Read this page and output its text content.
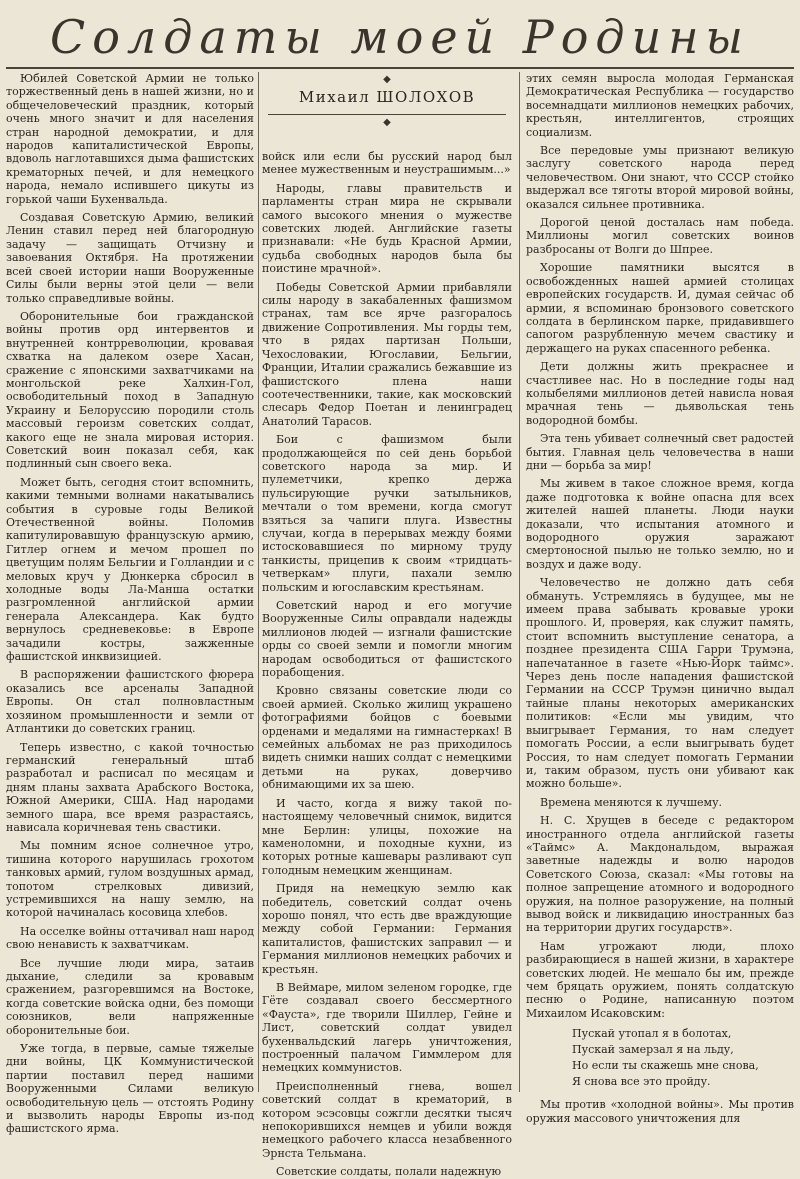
Солдаты моей Родины

Юбилей Советской Армии не только торжественный день в нашей жизни, но и общечеловеческий праздник, который очень много значит и для населения стран народной демократии, и для народов капиталистической Европы, вдоволь наглотавшихся дыма фашистских крематорных печей, и для немецкого народа, немало испившего цикуты из горькой чаши Бухенвальда.

Создавая Советскую Армию, великий Ленин ставил перед ней благородную задачу — защищать Отчизну и завоевания Октября. На протяжении всей своей истории наши Вооруженные Силы были верны этой цели — вели только справедливые войны.

Оборонительные бои гражданской войны против орд интервентов и внутренней контрреволюции, кровавая схватка на далеком озере Хасан, сражение с японскими захватчиками на монгольской реке Халхин-Гол, освободительный поход в Западную Украину и Белоруссию породили столь массовый героизм советских солдат, какого еще не знала мировая история. Советский воин показал себя, как подлинный сын своего века.

Может быть, сегодня стоит вспомнить, какими темными волнами накатывались события в суровые годы Великой Отечественной войны. Поломив капитулировавшую французскую армию, Гитлер огнем и мечом прошел по цветущим полям Бельгии и Голландии и с меловых круч у Дюнкерка сбросил в холодные воды Ла-Манша остатки разгромленной английской армии генерала Александера. Как будто вернулось средневековье: в Европе зачадили костры, зажженные фашистской инквизицией.

В распоряжении фашистского фюрера оказались все арсеналы Западной Европы. Он стал полновластным хозяином промышленности и земли от Атлантики до советских границ.

Теперь известно, с какой точностью германский генеральный штаб разработал и расписал по месяцам и дням планы захвата Арабского Востока, Южной Америки, США. Над народами земного шара, все время разрастаясь, нависала коричневая тень свастики.

Мы помним ясное солнечное утро, тишина которого нарушилась грохотом танковых армий, гулом воздушных армад, топотом стрелковых дивизий, устремившихся на нашу землю, на которой начиналась косовица хлебов.

На осселке войны оттачивал наш народ свою ненависть к захватчикам.

Все лучшие люди мира, затаив дыхание, следили за кровавым сражением, разгоревшимся на Востоке, когда советские войска одни, без помощи союзников, вели напряженные оборонительные бои.

Уже тогда, в первые, самые тяжелые дни войны, ЦК Коммунистической партии поставил перед нашими Вооруженными Силами великую освободительную цель — отстоять Родину и вызволить народы Европы из-под фашистского ярма.

◆
Михаил ШОЛОХОВ
◆

войск или если бы русский народ был менее мужественным и неустрашимым...»

Народы, главы правительств и парламенты стран мира не скрывали самого высокого мнения о мужестве советских людей. Английские газеты признавали: «Не будь Красной Армии, судьба свободных народов была бы поистине мрачной».

Победы Советской Армии прибавляли силы народу в закабаленных фашизмом странах, там все ярче разгоралось движение Сопротивления. Мы горды тем, что в рядах партизан Польши, Чехословакии, Югославии, Бельгии, Франции, Италии сражались бежавшие из фашистского плена наши соотечественники, такие, как московский слесарь Федор Поетан и ленинградец Анатолий Тарасов.

Бои с фашизмом были продолжающейся по сей день борьбой советского народа за мир. И пулеметчики, крепко держа пульсирующие ручки затыльников, мечтали о том времени, когда смогут взяться за чапиги плуга. Известны случаи, когда в перерывах между боями истосковавшиеся по мирному труду танкисты, прицепив к своим «тридцать-четверкам» плуги, пахали землю польским и югославским крестьянам.

Советский народ и его могучие Вооруженные Силы оправдали надежды миллионов людей — изгнали фашистские орды со своей земли и помогли многим народам освободиться от фашистского порабощения.

Кровно связаны советские люди со своей армией. Сколько жилищ украшено фотографиями бойцов с боевыми орденами и медалями на гимнастерках! В семейных альбомах не раз приходилось видеть снимки наших солдат с немецкими детьми на руках, доверчиво обнимающими их за шею.

И часто, когда я вижу такой по-настоящему человечный снимок, видится мне Берлин: улицы, похожие на каменоломни, и походные кухни, из которых ротные кашевары разливают суп голодным немецким женщинам.

Придя на немецкую землю как победитель, советский солдат очень хорошо понял, что есть две враждующие между собой Германии: Германия капиталистов, фашистских заправил — и Германия миллионов немецких рабочих и крестьян.

В Веймаре, милом зеленом городке, где Гёте создавал своего бессмертного «Фауста», где творили Шиллер, Гейне и Лист, советский солдат увидел бухенвальдский лагерь уничтожения, построенный палачом Гиммлером для немецких коммунистов.

Преисполненный гнева, вошел советский солдат в крематорий, в котором эсэсовцы сожгли десятки тысяч непокорившихся немцев и убили вождя немецкого рабочего класса незабвенного Эрнста Тельмана.

Советские солдаты, полали надежную

этих семян выросла молодая Германская Демократическая Республика — государство восемнадцати миллионов немецких рабочих, крестьян, интеллигентов, строящих социализм.

Все передовые умы признают великую заслугу советского народа перед человечеством. Они знают, что СССР стойко выдержал все тяготы второй мировой войны, оказался сильнее противника.

Дорогой ценой досталась нам победа. Миллионы могил советских воинов разбросаны от Волги до Шпрее.

Хорошие памятники высятся в освобожденных нашей армией столицах европейских государств. И, думая сейчас об армии, я вспоминаю бронзового советского солдата в берлинском парке, придавившего сапогом разрубленную мечем свастику и держащего на руках спасенного ребенка.

Дети должны жить прекраснее и счастливее нас. Но в последние годы над колыбелями миллионов детей нависла новая мрачная тень — дьявольская тень водородной бомбы.

Эта тень убивает солнечный свет радостей бытия. Главная цель человечества в наши дни — борьба за мир!

Мы живем в такое сложное время, когда даже подготовка к войне опасна для всех жителей нашей планеты. Люди науки доказали, что испытания атомного и водородного оружия заражают смертоносной пылью не только землю, но и воздух и даже воду.

Человечество не должно дать себя обмануть. Устремляясь в будущее, мы не имеем права забывать кровавые уроки прошлого. И, проверяя, как служит память, стоит вспомнить выступление сенатора, а позднее президента США Гарри Трумэна, напечатанное в газете «Нью-Йорк таймс». Через день после нападения фашистской Германии на СССР Трумэн цинично выдал тайные планы некоторых американских политиков: «Если мы увидим, что выигрывает Германия, то нам следует помогать России, а если выигрывать будет Россия, то нам следует помогать Германии и, таким образом, пусть они убивают как можно больше».

Времена меняются к лучшему.

Н. С. Хрущев в беседе с редактором иностранного отдела английской газеты «Таймс» А. Макдональдом, выражая заветные надежды и волю народов Советского Союза, сказал: «Мы готовы на полное запрещение атомного и водородного оружия, на полное разоружение, на полный вывод войск и ликвидацию иностранных баз на территории других государств».

Нам угрожают люди, плохо разбирающиеся в нашей жизни, в характере советских людей. Не мешало бы им, прежде чем бряцать оружием, понять солдатскую песню о Родине, написанную поэтом Михаилом Исаковским:

Пускай утопал я в болотах,
Пускай замерзал я на льду,
Но если ты скажешь мне снова,
Я снова все это пройду.

Мы против «холодной войны». Мы против оружия массового уничтожения для
